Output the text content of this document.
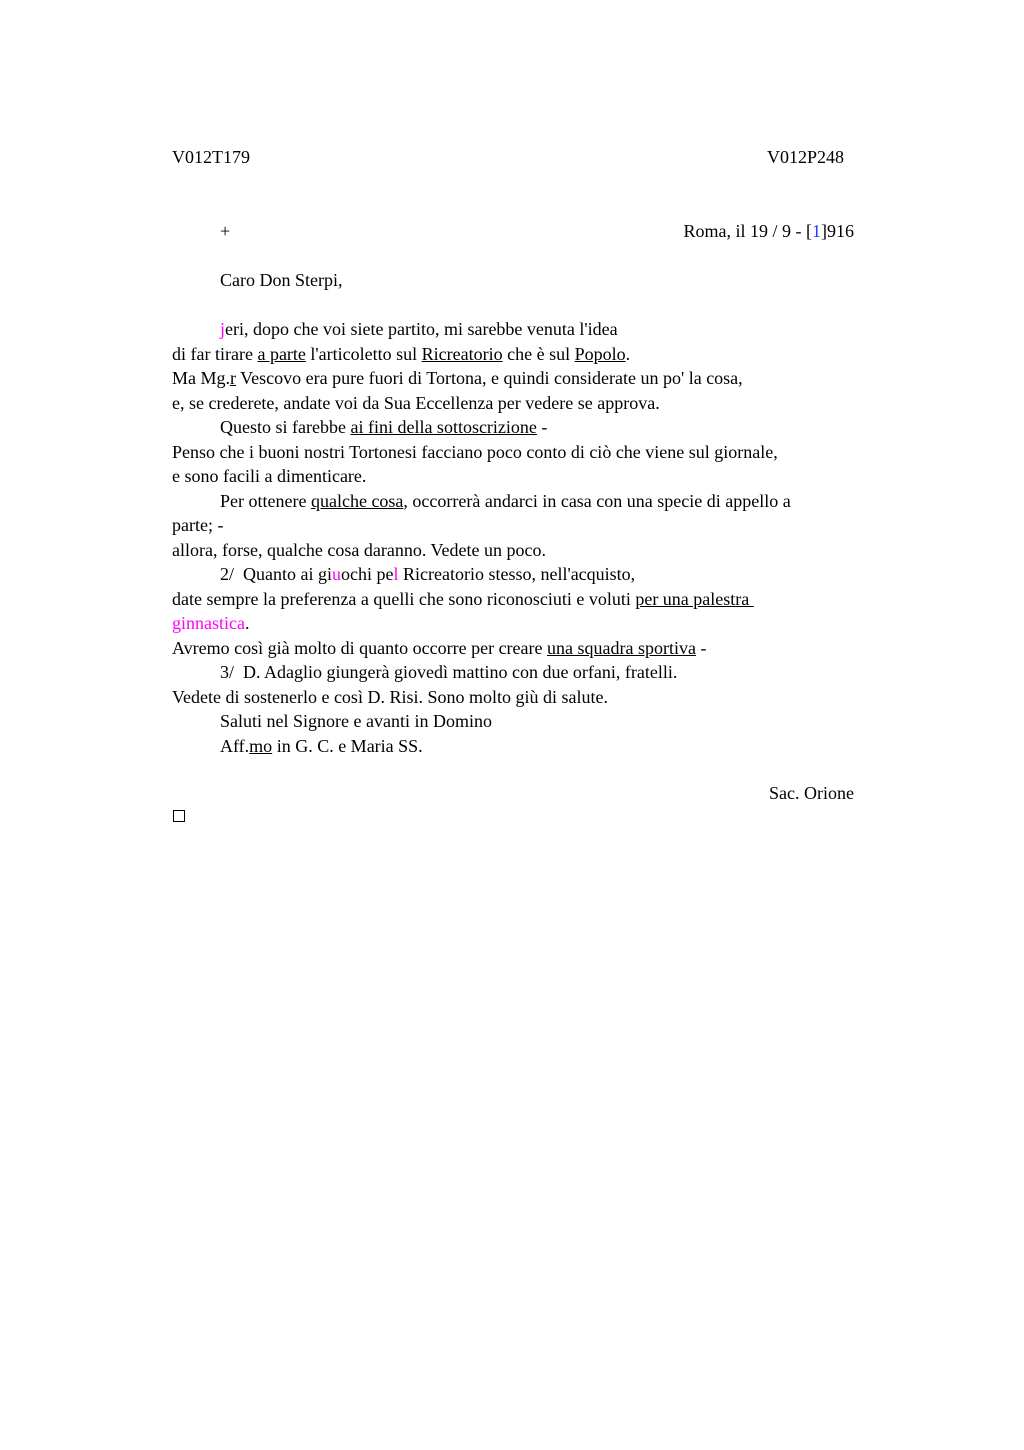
V012T179	V012P248
+	Roma, il 19 / 9 - [1]916
Caro Don Sterpi,
jeri, dopo che voi siete partito, mi sarebbe venuta l'idea
di far tirare a parte l'articoletto sul Ricreatorio che è sul Popolo.
Ma Mg.r Vescovo era pure fuori di Tortona, e quindi considerate un po' la cosa,
e, se crederete, andate voi da Sua Eccellenza per vedere se approva.
Questo si farebbe ai fini della sottoscrizione -
Penso che i buoni nostri Tortonesi facciano poco conto di ciò che viene sul giornale,
e sono facili a dimenticare.
Per ottenere qualche cosa, occorrerà andarci in casa con una specie di appello a
parte; -
allora, forse, qualche cosa daranno. Vedete un poco.
2/  Quanto ai giuochi pel Ricreatorio stesso, nell'acquisto,
date sempre la preferenza a quelli che sono riconosciuti e voluti per una palestra
ginnastica.
Avremo così già molto di quanto occorre per creare una squadra sportiva -
3/  D. Adaglio giungerà giovedì mattino con due orfani, fratelli.
Vedete di sostenerlo e così D. Risi. Sono molto giù di salute.
Saluti nel Signore e avanti in Domino
Aff.mo in G. C. e Maria SS.
Sac. Orione
